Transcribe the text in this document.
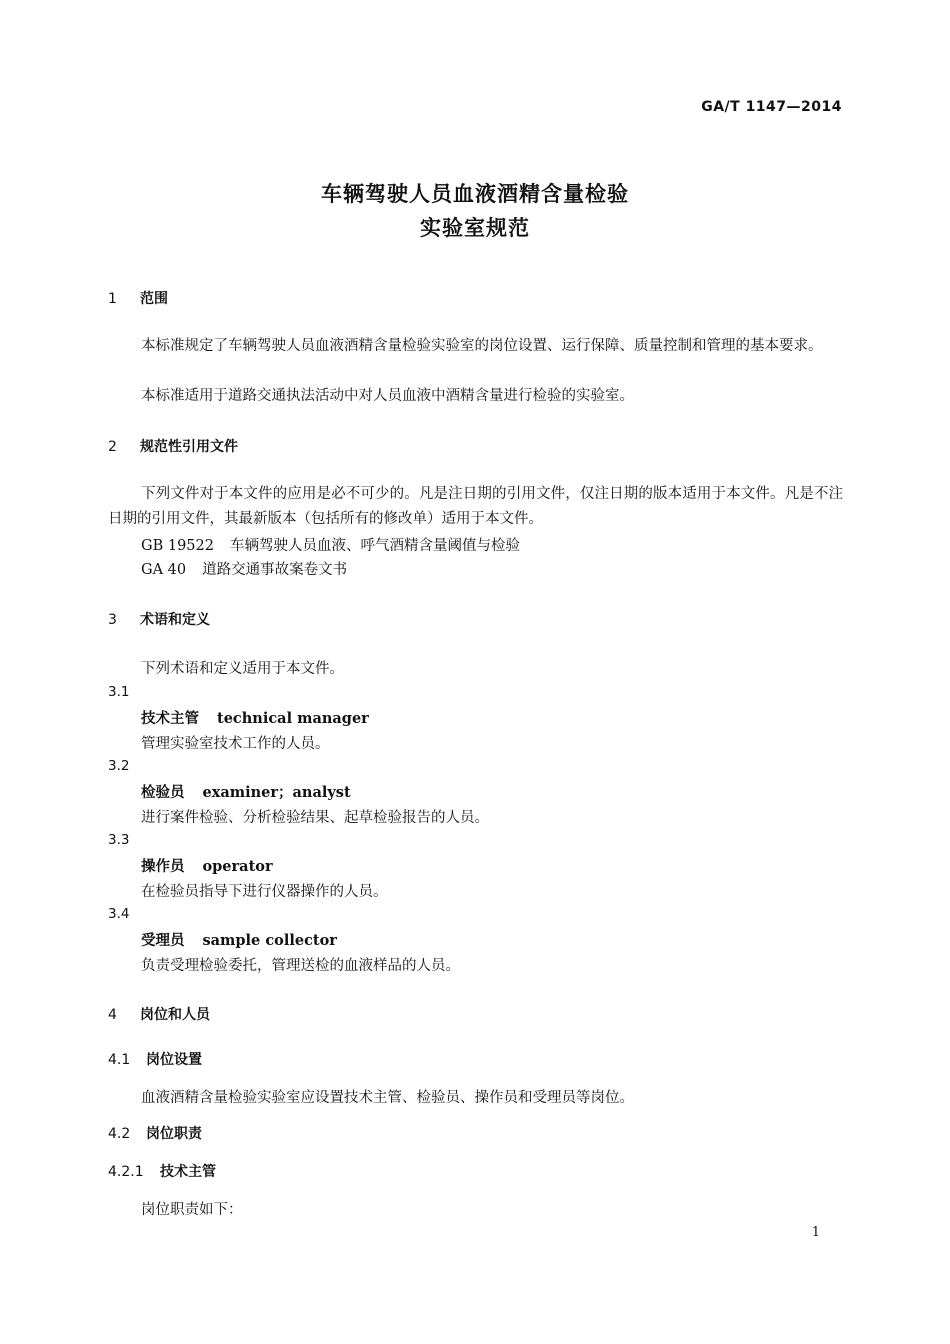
GA/T 1147—2014
车辆驾驶人员血液酒精含量检验
实验室规范
1 范围
本标准规定了车辆驾驶人员血液酒精含量检验实验室的岗位设置、运行保障、质量控制和管理的基本要求。
本标准适用于道路交通执法活动中对人员血液中酒精含量进行检验的实验室。
2 规范性引用文件
下列文件对于本文件的应用是必不可少的。凡是注日期的引用文件，仅注日期的版本适用于本文件。凡是不注日期的引用文件，其最新版本（包括所有的修改单）适用于本文件。
GB 19522 车辆驾驶人员血液、呼气酒精含量阈值与检验
GA 40 道路交通事故案卷文书
3 术语和定义
下列术语和定义适用于本文件。
3.1
技术主管 technical manager
管理实验室技术工作的人员。
3.2
检验员 examiner；analyst
进行案件检验、分析检验结果、起草检验报告的人员。
3.3
操作员 operator
在检验员指导下进行仪器操作的人员。
3.4
受理员 sample collector
负责受理检验委托，管理送检的血液样品的人员。
4 岗位和人员
4.1 岗位设置
血液酒精含量检验实验室应设置技术主管、检验员、操作员和受理员等岗位。
4.2 岗位职责
4.2.1 技术主管
岗位职责如下：
1
